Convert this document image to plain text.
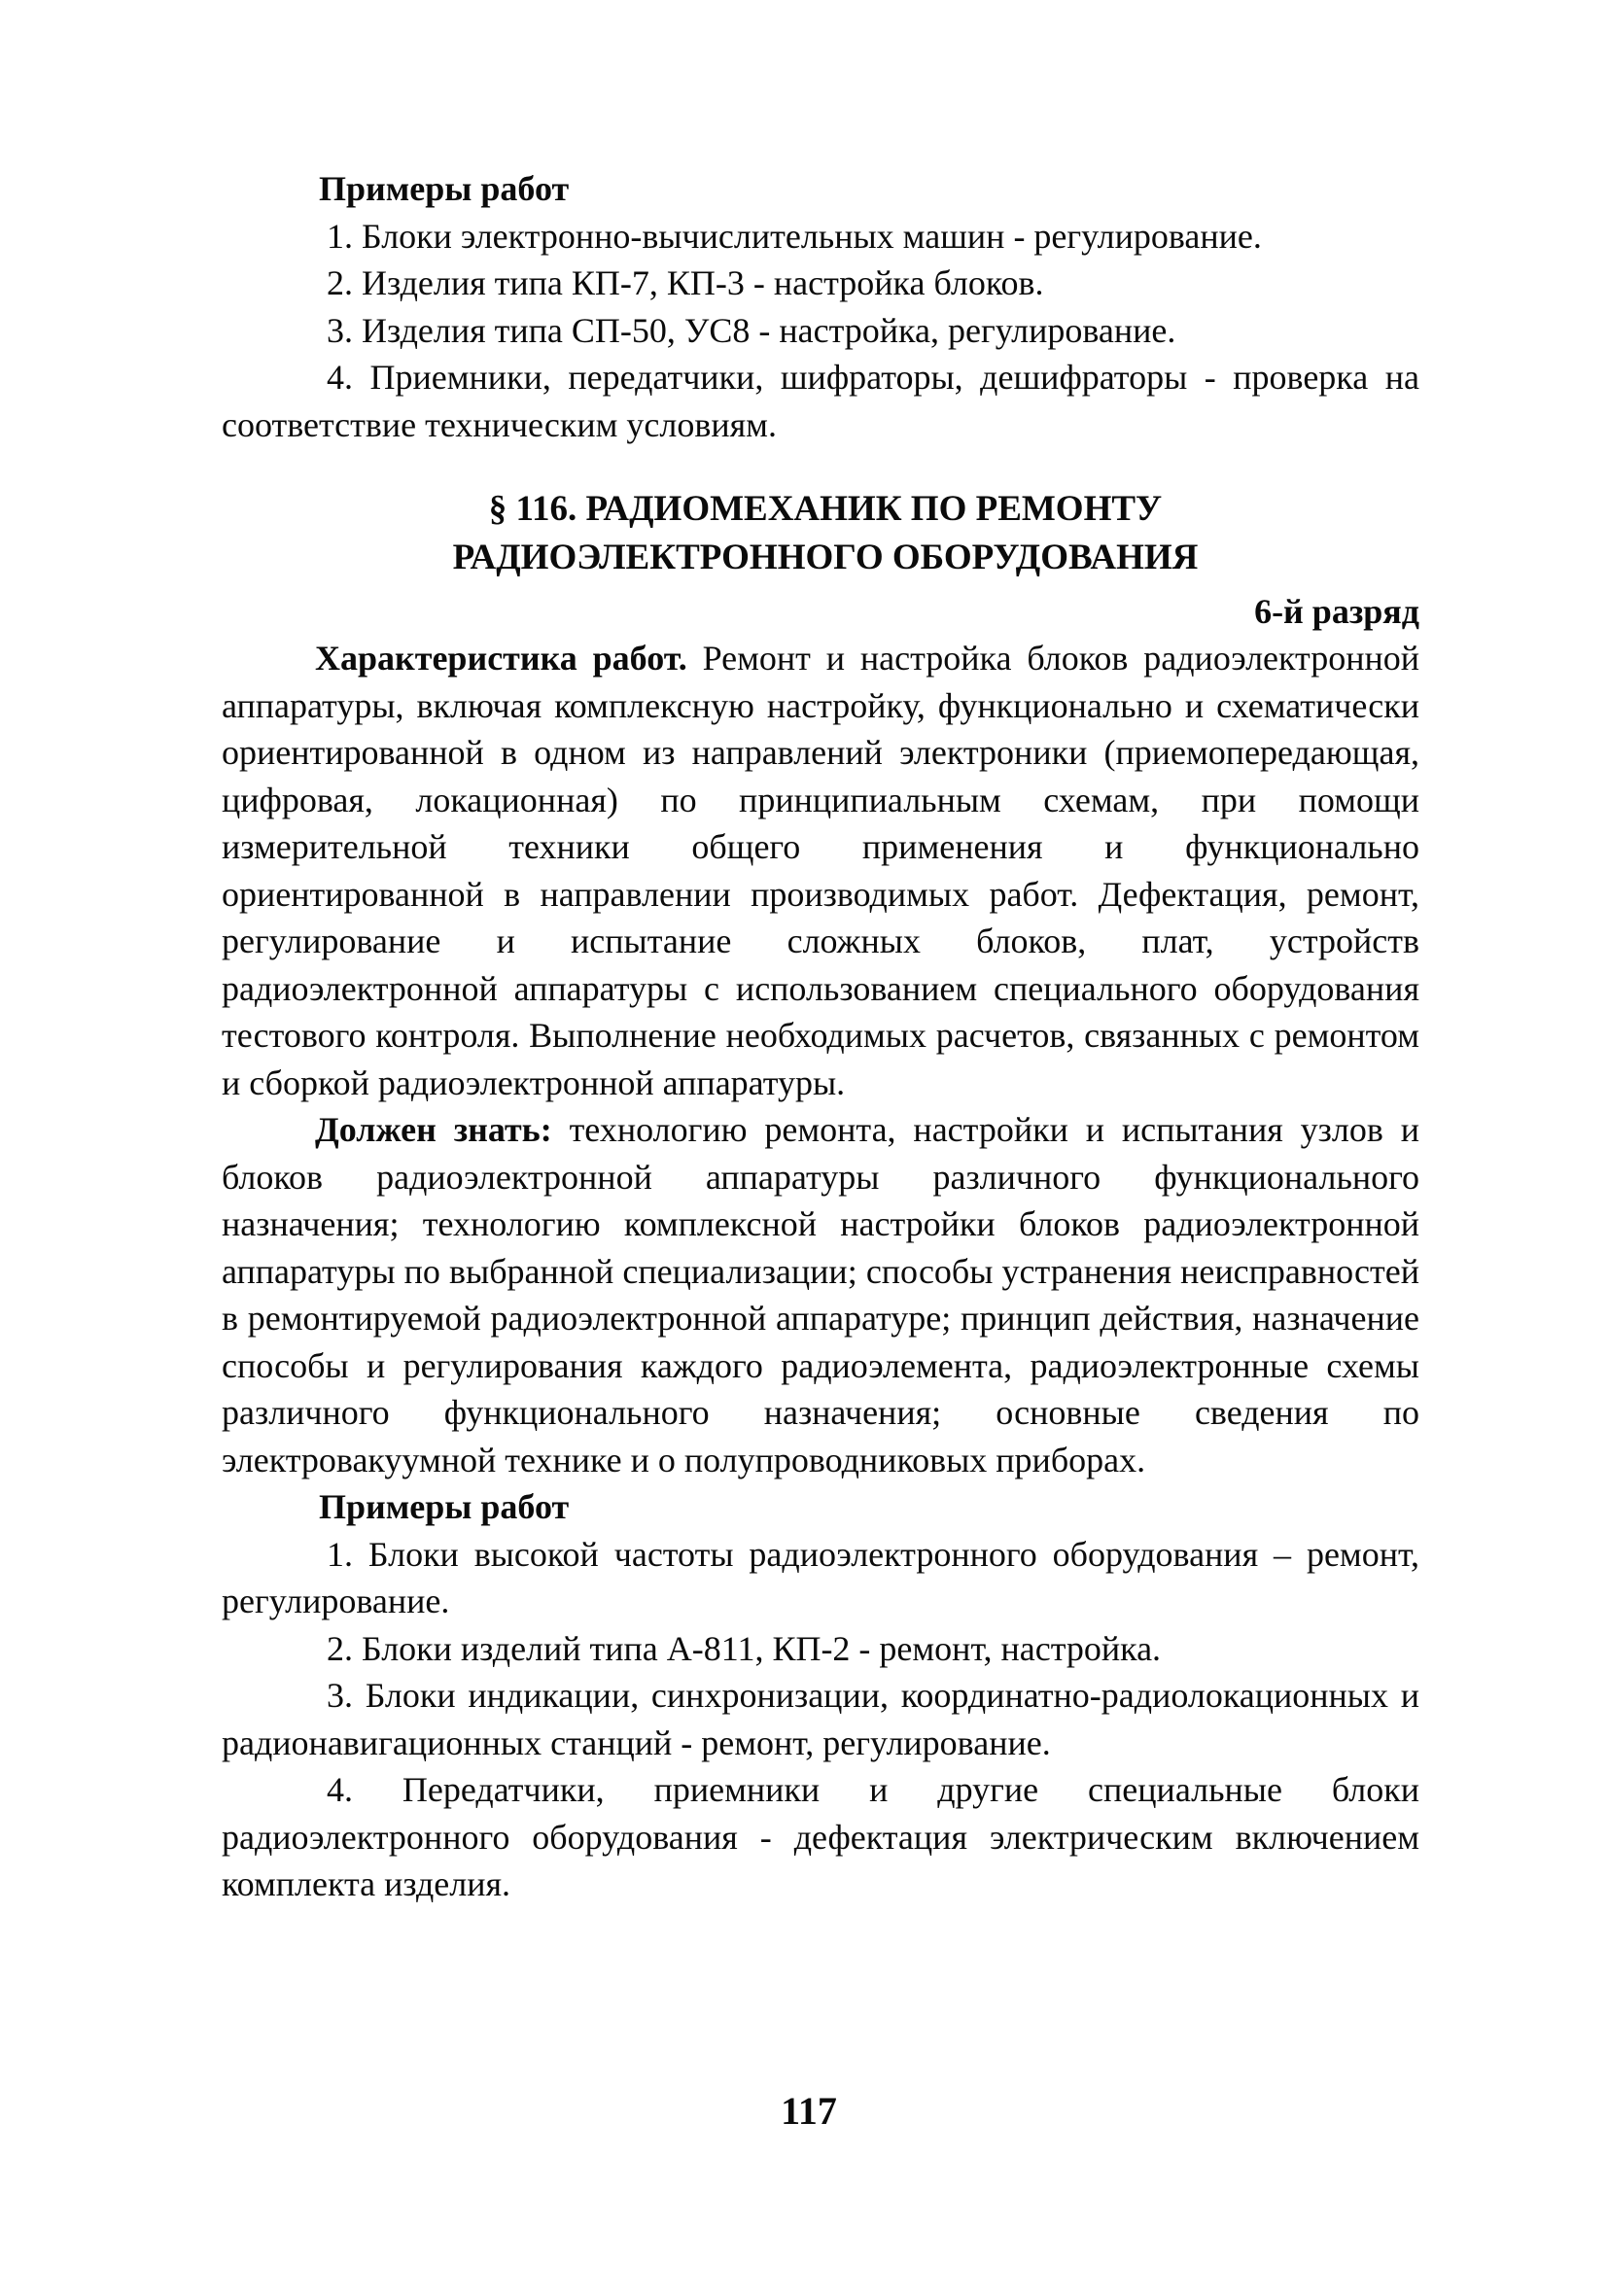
Примеры работ

1. Блоки электронно-вычислительных машин - регулирование.

2. Изделия типа КП-7, КП-3 - настройка блоков.

3. Изделия типа СП-50, УС8 - настройка, регулирование.

4. Приемники, передатчики, шифраторы, дешифраторы - проверка на соответствие техническим условиям.

§ 116. РАДИОМЕХАНИК ПО РЕМОНТУ
РАДИОЭЛЕКТРОННОГО ОБОРУДОВАНИЯ
6-й разряд

Характеристика работ. Ремонт и настройка блоков радиоэлектронной аппаратуры, включая комплексную настройку, функционально и схематически ориентированной в одном из направлений электроники (приемопередающая, цифровая, локационная) по принципиальным схемам, при помощи измерительной техники общего применения и функционально ориентированной в направлении производимых работ. Дефектация, ремонт, регулирование и испытание сложных блоков, плат, устройств радиоэлектронной аппаратуры с использованием специального оборудования тестового контроля. Выполнение необходимых расчетов, связанных с ремонтом и сборкой радиоэлектронной аппаратуры.

Должен знать: технологию ремонта, настройки и испытания узлов и блоков радиоэлектронной аппаратуры различного функционального назначения; технологию комплексной настройки блоков радиоэлектронной аппаратуры по выбранной специализации; способы устранения неисправностей в ремонтируемой радиоэлектронной аппаратуре; принцип действия, назначение способы и регулирования каждого радиоэлемента, радиоэлектронные схемы различного функционального назначения; основные сведения по электровакуумной технике и о полупроводниковых приборах.

Примеры работ

1. Блоки высокой частоты радиоэлектронного оборудования – ремонт, регулирование.

2. Блоки изделий типа А-811, КП-2 - ремонт, настройка.

3. Блоки индикации, синхронизации, координатно-радиолокационных и радионавигационных станций - ремонт, регулирование.

4. Передатчики, приемники и другие специальные блоки радиоэлектронного оборудования - дефектация электрическим включением комплекта изделия.

117
